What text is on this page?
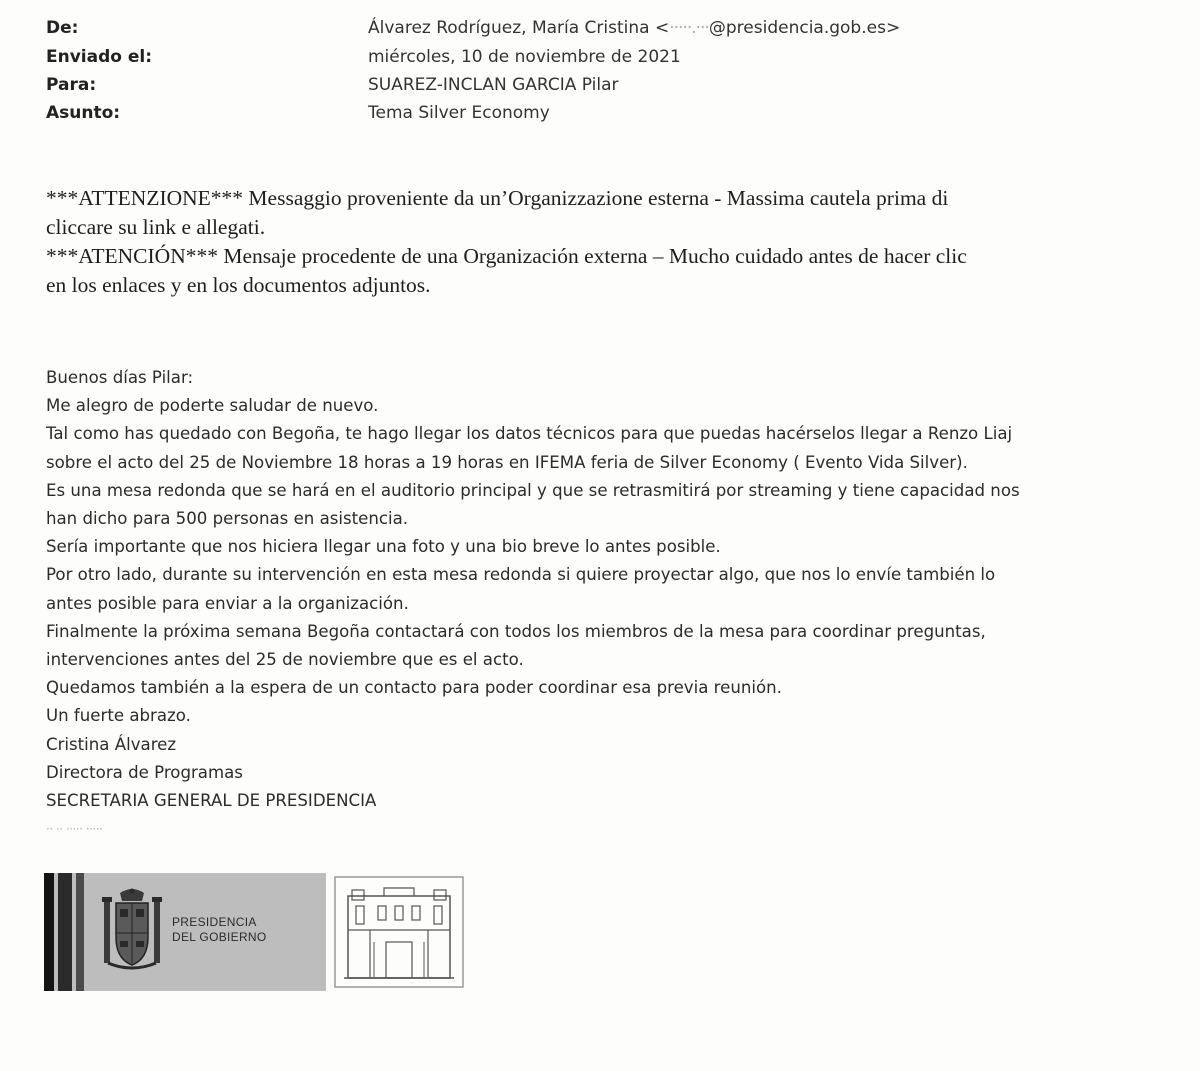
De:	Álvarez Rodríguez, María Cristina <·····.···@presidencia.gob.es>
Enviado el:	miércoles, 10 de noviembre de 2021
Para:	SUAREZ-INCLAN GARCIA Pilar
Asunto:	Tema Silver Economy

***ATTENZIONE*** Messaggio proveniente da un’Organizzazione esterna - Massima cautela prima di

cliccare su link e allegati.

***ATENCIÓN*** Mensaje procedente de una Organización externa – Mucho cuidado antes de hacer clic

en los enlaces y en los documentos adjuntos.

Buenos días Pilar:

Me alegro de poderte saludar de nuevo.

Tal como has quedado con Begoña, te hago llegar los datos técnicos para que puedas hacérselos llegar a Renzo Liaj

sobre el acto del 25 de Noviembre 18 horas a 19 horas en IFEMA feria de Silver Economy ( Evento Vida Silver).

Es una mesa redonda que se hará en el auditorio principal y que se retrasmitirá por streaming y tiene capacidad nos

han dicho para 500 personas en asistencia.

Sería importante que nos hiciera llegar una foto y una bio breve lo antes posible.

Por otro lado, durante su intervención en esta mesa redonda si quiere proyectar algo, que nos lo envíe también lo

antes posible para enviar a la organización.

Finalmente la próxima semana Begoña contactará con todos los miembros de la mesa para coordinar preguntas,

intervenciones antes del 25 de noviembre que es el acto.

Quedamos también a la espera de un contacto para poder coordinar esa previa reunión.

Un fuerte abrazo.

Cristina Álvarez

Directora de Programas

SECRETARIA GENERAL DE PRESIDENCIA

·· ·· ····· ·····

PRESIDENCIA
DEL GOBIERNO
